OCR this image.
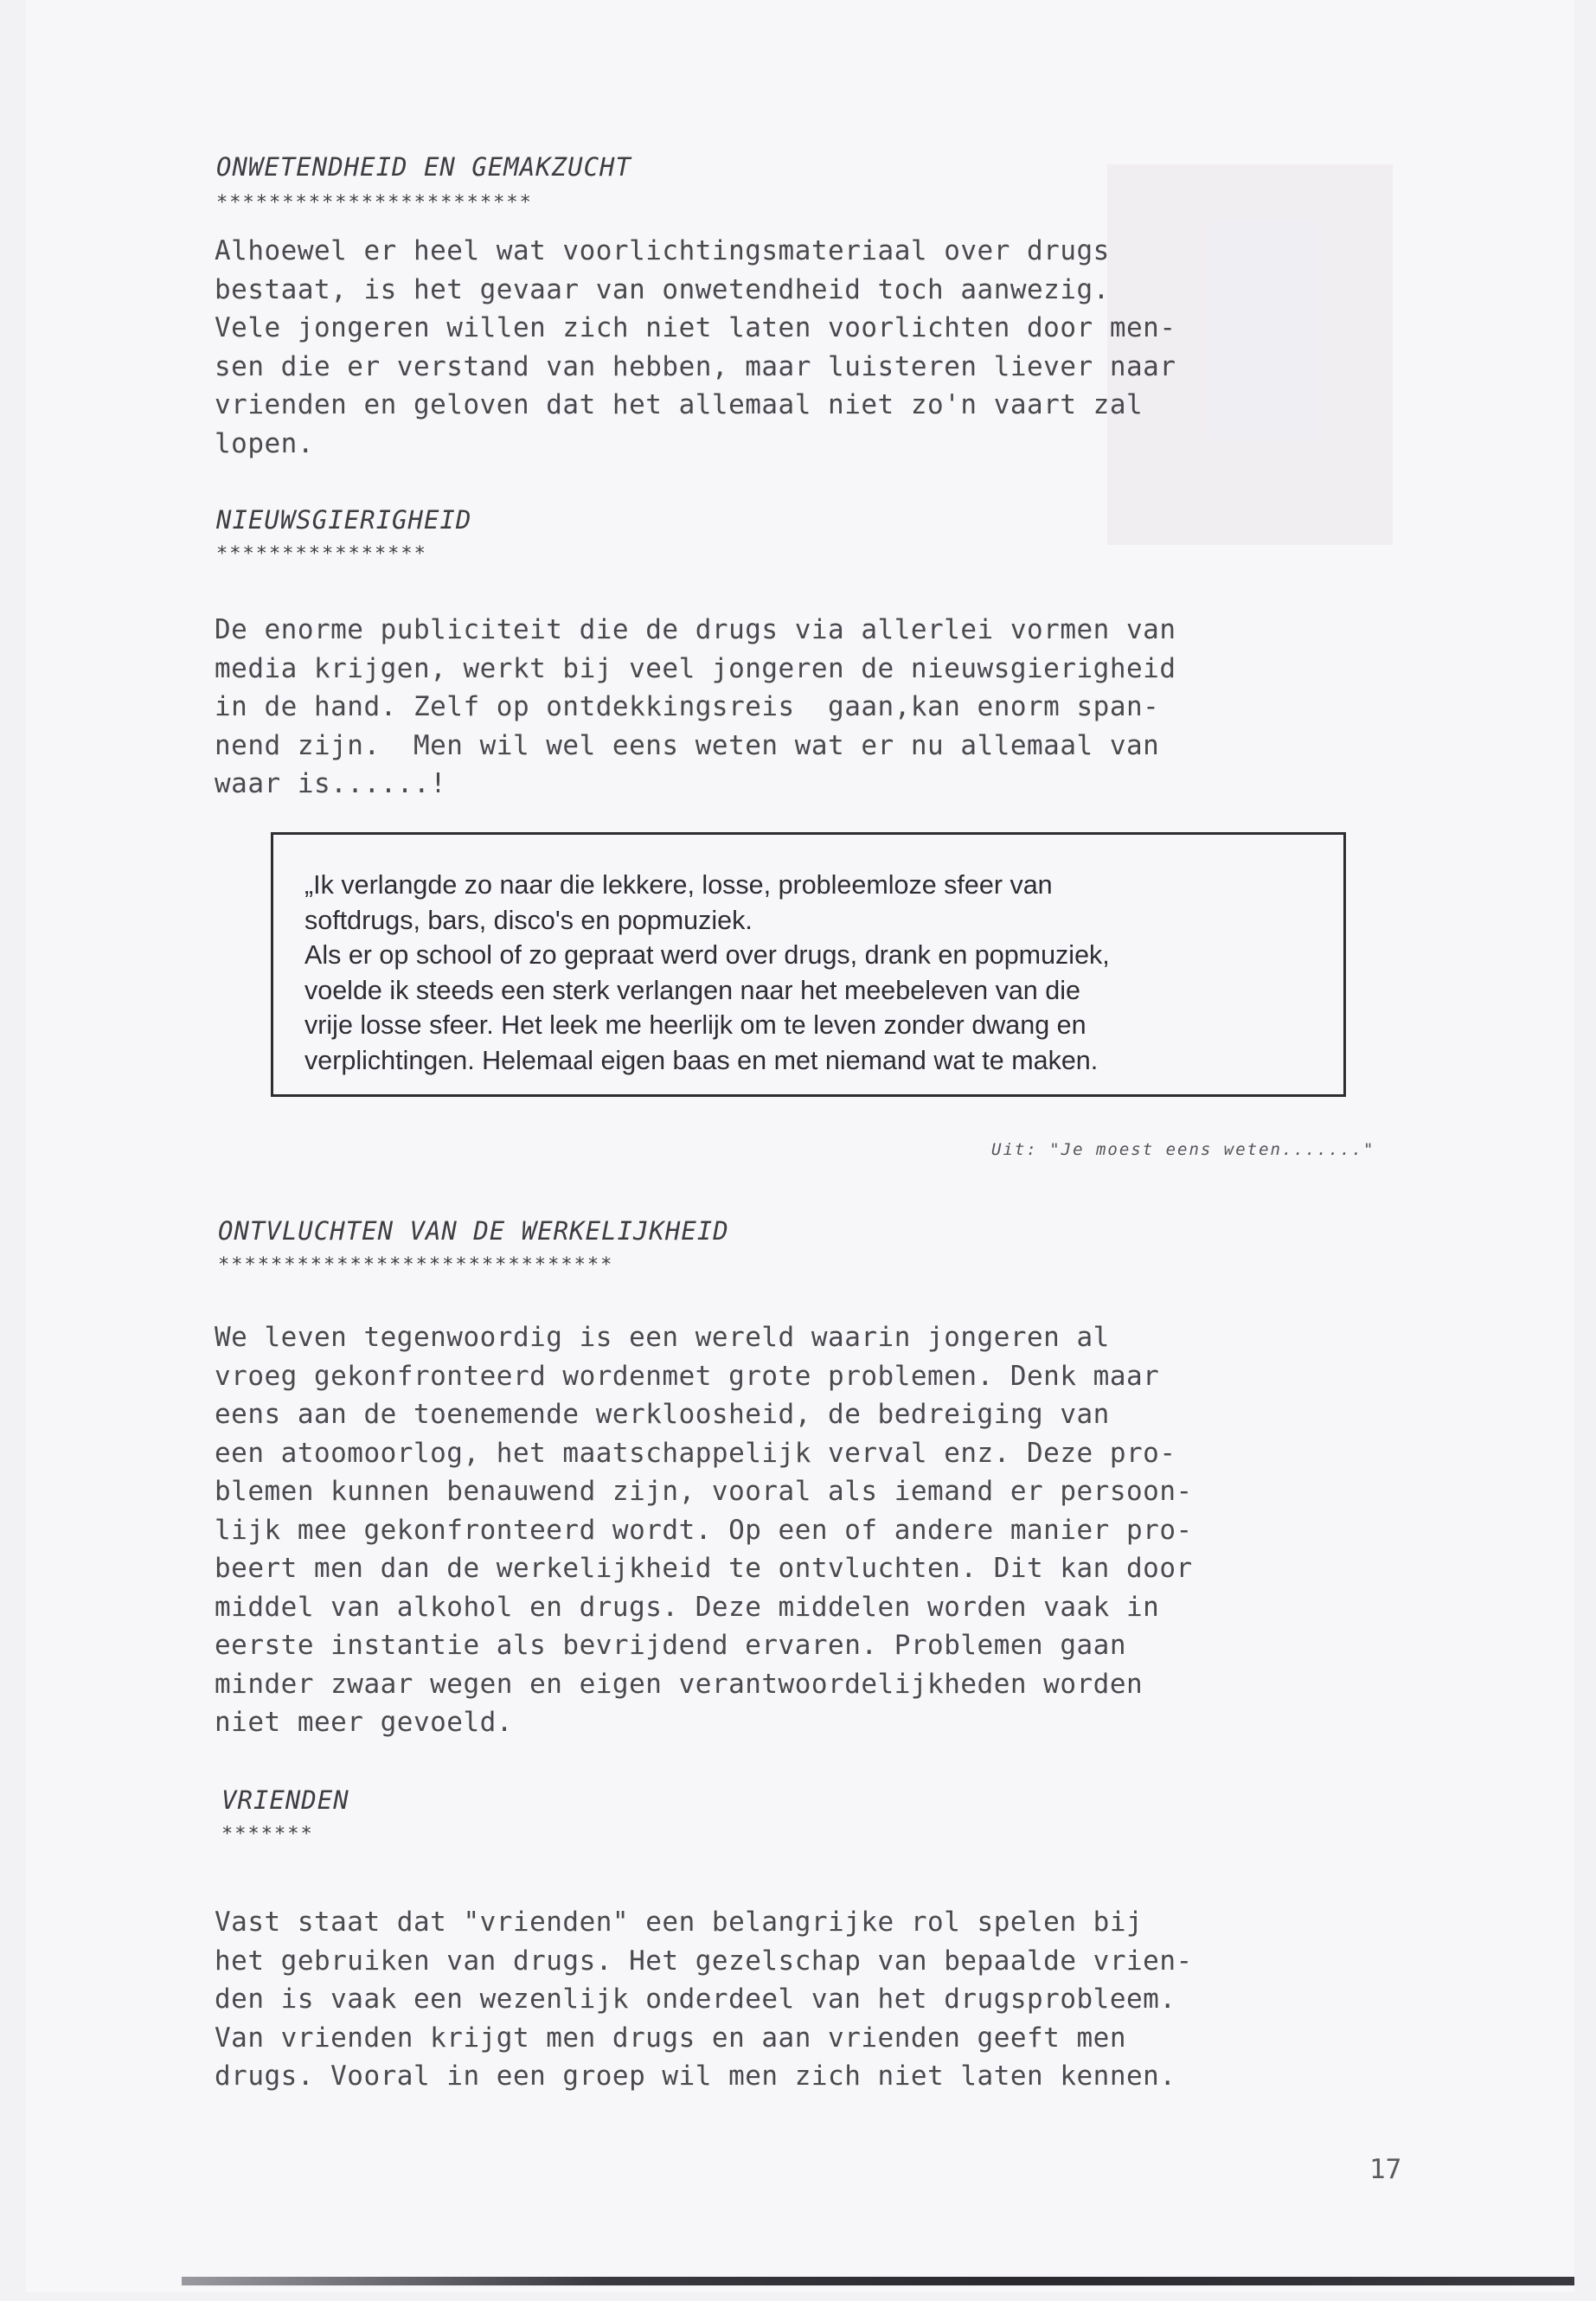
ONWETENDHEID EN GEMAKZUCHT
************************
Alhoewel er heel wat voorlichtingsmateriaal over drugs
bestaat, is het gevaar van onwetendheid toch aanwezig.
Vele jongeren willen zich niet laten voorlichten door men-
sen die er verstand van hebben, maar luisteren liever naar
vrienden en geloven dat het allemaal niet zo'n vaart zal
lopen.
NIEUWSGIERIGHEID
****************
De enorme publiciteit die de drugs via allerlei vormen van
media krijgen, werkt bij veel jongeren de nieuwsgierigheid
in de hand. Zelf op ontdekkingsreis  gaan,kan enorm span-
nend zijn.  Men wil wel eens weten wat er nu allemaal van
waar is......!
„Ik verlangde zo naar die lekkere, losse, probleemloze sfeer van
softdrugs, bars, disco's en popmuziek.
Als er op school of zo gepraat werd over drugs, drank en popmuziek,
voelde ik steeds een sterk verlangen naar het meebeleven van die
vrije losse sfeer. Het leek me heerlijk om te leven zonder dwang en
verplichtingen. Helemaal eigen baas en met niemand wat te maken.
Uit: "Je moest eens weten......."
ONTVLUCHTEN VAN DE WERKELIJKHEID
******************************
We leven tegenwoordig is een wereld waarin jongeren al
vroeg gekonfronteerd wordenmet grote problemen. Denk maar
eens aan de toenemende werkloosheid, de bedreiging van
een atoomoorlog, het maatschappelijk verval enz. Deze pro-
blemen kunnen benauwend zijn, vooral als iemand er persoon-
lijk mee gekonfronteerd wordt. Op een of andere manier pro-
beert men dan de werkelijkheid te ontvluchten. Dit kan door
middel van alkohol en drugs. Deze middelen worden vaak in
eerste instantie als bevrijdend ervaren. Problemen gaan
minder zwaar wegen en eigen verantwoordelijkheden worden
niet meer gevoeld.
VRIENDEN
*******
Vast staat dat "vrienden" een belangrijke rol spelen bij
het gebruiken van drugs. Het gezelschap van bepaalde vrien-
den is vaak een wezenlijk onderdeel van het drugsprobleem.
Van vrienden krijgt men drugs en aan vrienden geeft men
drugs. Vooral in een groep wil men zich niet laten kennen.
17
